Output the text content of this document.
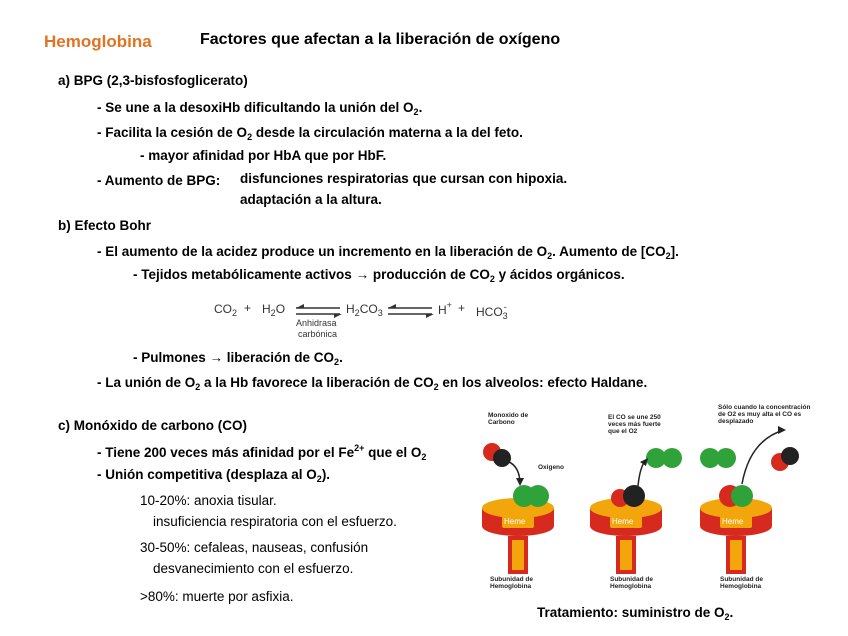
Hemoglobina	Factores que afectan a la liberación de oxígeno
a) BPG (2,3-bisfosfoglicerato)
- Se une a la desoxiHb dificultando la unión del $O_2$.
- Facilita la cesión de $O_2$ desde la circulación materna a la del feto.
- mayor afinidad por HbA que por HbF.
- Aumento de BPG: disfunciones respiratorias que cursan con hipoxia.
adaptación a la altura.
b) Efecto Bohr
- El aumento de la acidez produce un incremento en la liberación de $O_2$. Aumento de $[CO_2]$.
- Tejidos metabólicamente activos → producción de $CO_2$ y ácidos orgánicos.
$CO_2 + H_2O$
Anhidrasa
carbónica
$H_2CO_3$	$H^+ + HCO_3^-$
- Pulmones → liberación de $CO_2$.
- La unión de $O_2$ a la Hb favorece la liberación de $CO_2$ en los alveolos: efecto Haldane.
c) Monóxido de carbono (CO)
- Tiene 200 veces más afinidad por el $Fe^{2+}$ que el $O_2$
- Unión competitiva (desplaza al $O_2$).
10-20%: anoxia tisular.
insuficiencia respiratoria con el esfuerzo.
30-50%: cefaleas, nauseas, confusión
desvanecimiento con el esfuerzo.
>80%: muerte por asfixia.
Monoxido de Carbono
Oxigeno
El CO se une 250 veces más fuerte que el O2
Sólo cuando la concentración de O2 es muy alta el CO es desplazado
Heme	Heme	Heme
Subunidad de Hemoglobina
Subunidad de Hemoglobina
Subunidad de Hemoglobina
Tratamiento: suministro de $O_2$.
